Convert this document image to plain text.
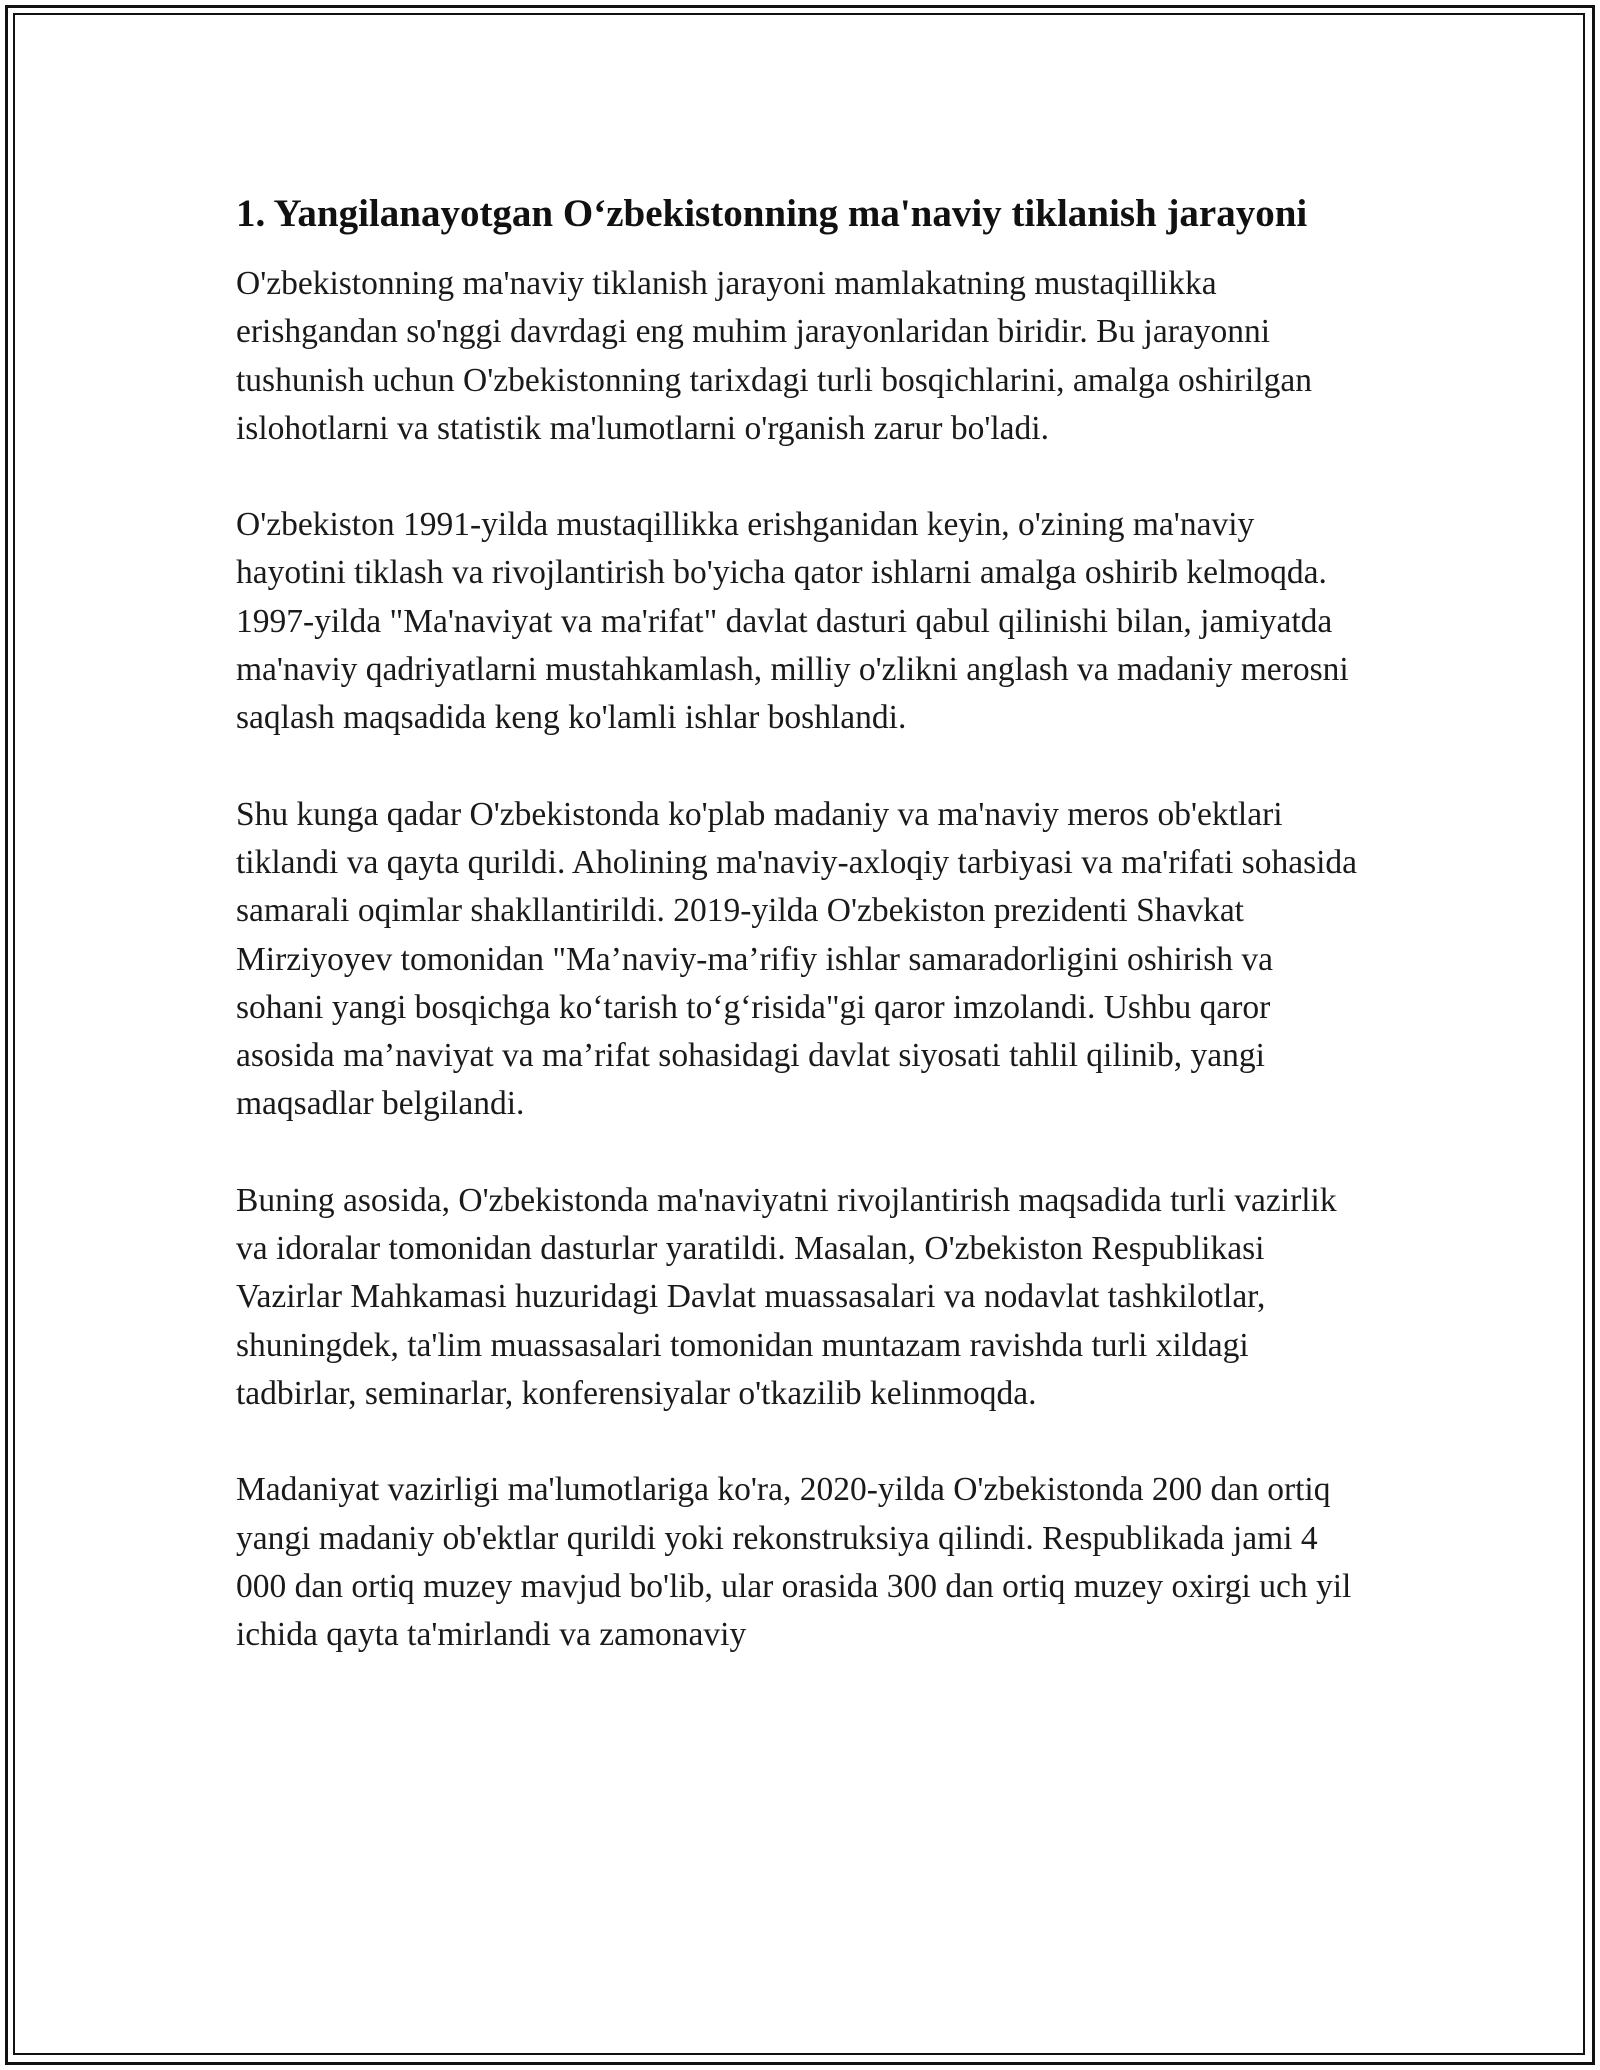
1. Yangilanayotgan O‘zbekistonning ma'naviy tiklanish jarayoni

O'zbekistonning ma'naviy tiklanish jarayoni mamlakatning mustaqillikka erishgandan so'nggi davrdagi eng muhim jarayonlaridan biridir. Bu jarayonni tushunish uchun O'zbekistonning tarixdagi turli bosqichlarini, amalga oshirilgan islohotlarni va statistik ma'lumotlarni o'rganish zarur bo'ladi.

O'zbekiston 1991-yilda mustaqillikka erishganidan keyin, o'zining ma'naviy hayotini tiklash va rivojlantirish bo'yicha qator ishlarni amalga oshirib kelmoqda. 1997-yilda "Ma'naviyat va ma'rifat" davlat dasturi qabul qilinishi bilan, jamiyatda ma'naviy qadriyatlarni mustahkamlash, milliy o'zlikni anglash va madaniy merosni saqlash maqsadida keng ko'lamli ishlar boshlandi.

Shu kunga qadar O'zbekistonda ko'plab madaniy va ma'naviy meros ob'ektlari tiklandi va qayta qurildi. Aholining ma'naviy-axloqiy tarbiyasi va ma'rifati sohasida samarali oqimlar shakllantirildi. 2019-yilda O'zbekiston prezidenti Shavkat Mirziyoyev tomonidan "Ma’naviy-ma’rifiy ishlar samaradorligini oshirish va sohani yangi bosqichga ko‘tarish to‘g‘risida"gi qaror imzolandi. Ushbu qaror asosida ma’naviyat va ma’rifat sohasidagi davlat siyosati tahlil qilinib, yangi maqsadlar belgilandi.

Buning asosida, O'zbekistonda ma'naviyatni rivojlantirish maqsadida turli vazirlik va idoralar tomonidan dasturlar yaratildi. Masalan, O'zbekiston Respublikasi Vazirlar Mahkamasi huzuridagi Davlat muassasalari va nodavlat tashkilotlar, shuningdek, ta'lim muassasalari tomonidan muntazam ravishda turli xildagi tadbirlar, seminarlar, konferensiyalar o'tkazilib kelinmoqda.

Madaniyat vazirligi ma'lumotlariga ko'ra, 2020-yilda O'zbekistonda 200 dan ortiq yangi madaniy ob'ektlar qurildi yoki rekonstruksiya qilindi. Respublikada jami 4 000 dan ortiq muzey mavjud bo'lib, ular orasida 300 dan ortiq muzey oxirgi uch yil ichida qayta ta'mirlandi va zamonaviy
